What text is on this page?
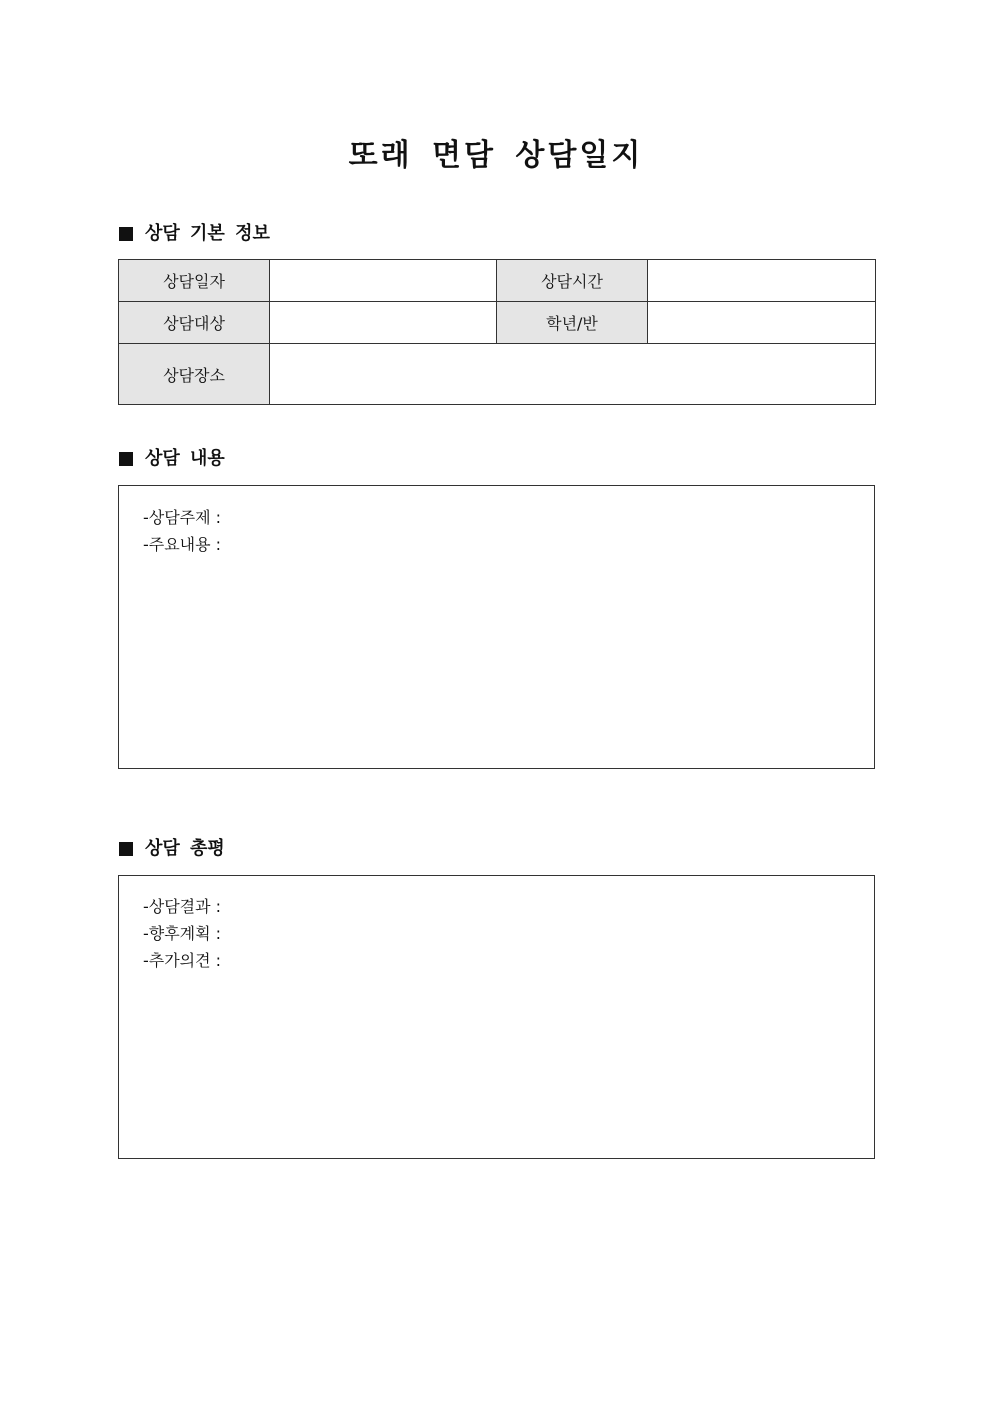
또래 면담 상담일지
상담 기본 정보
상담일자		상담시간	
상담대상		학년/반	
상담장소			
상담 내용
-상담주제 :
-주요내용 :
상담 총평
-상담결과 :
-향후계획 :
-추가의견 :
